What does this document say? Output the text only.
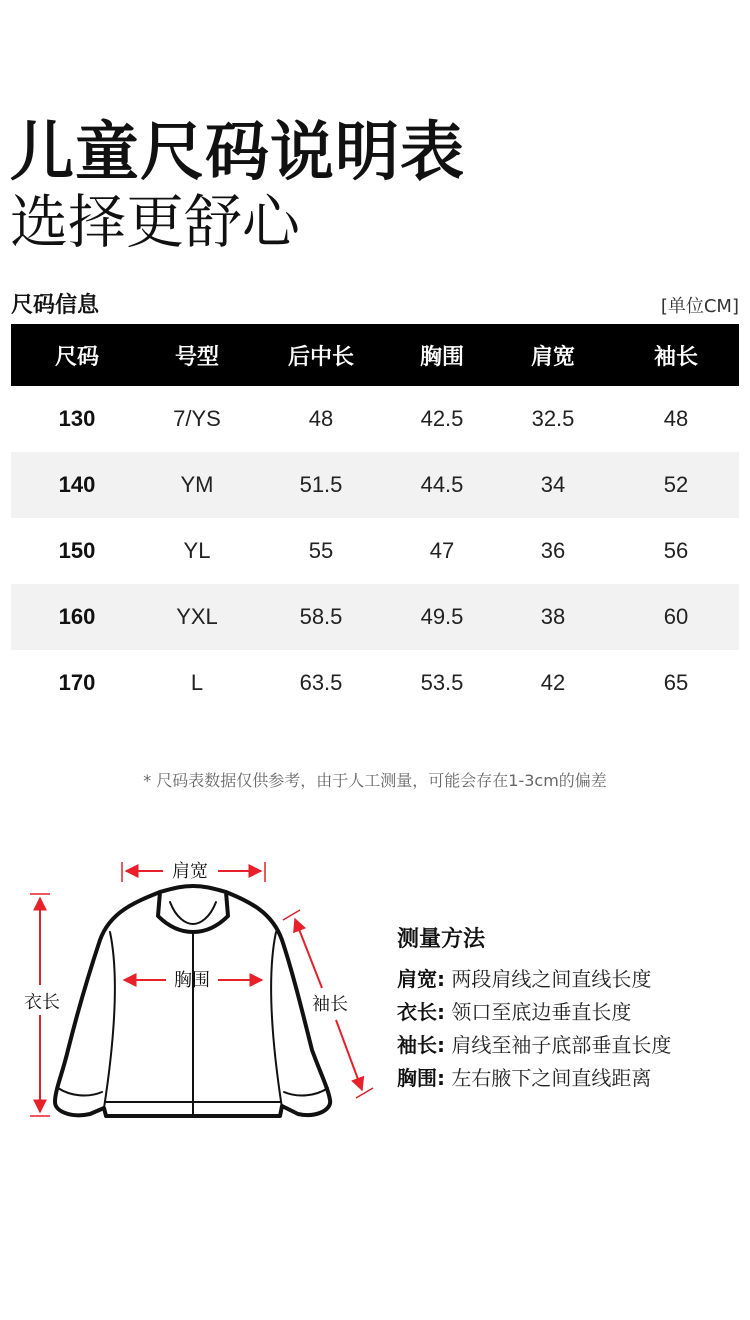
儿童尺码说明表
选择更舒心
尺码信息	[单位CM]
尺码	号型	后中长	胸围	肩宽	袖长
130	7/YS	48	42.5	32.5	48
140	YM	51.5	44.5	34	52
150	YL	55	47	36	56
160	YXL	58.5	49.5	38	60
170	L	63.5	53.5	42	65
* 尺码表数据仅供参考，由于人工测量，可能会存在1-3cm的偏差
肩宽
胸围
衣长	袖长
测量方法
肩宽: 两段肩线之间直线长度
衣长: 领口至底边垂直长度
袖长: 肩线至袖子底部垂直长度
胸围: 左右腋下之间直线距离
